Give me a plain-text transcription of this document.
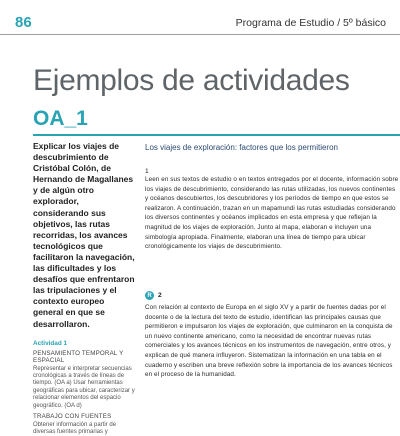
86	Programa de Estudio / 5º básico
Ejemplos de actividades
OA_1

Explicar los viajes de descubrimiento de Cristóbal Colón, de Hernando de Magallanes y de algún otro explorador, considerando sus objetivos, las rutas recorridas, los avances tecnológicos que facilitaron la navegación, las dificultades y los desafíos que enfrentaron las tripulaciones y el contexto europeo general en que se desarrollaron.

Actividad 1
PENSAMIENTO TEMPORAL Y ESPACIAL
Representar e interpretar secuencias cronológicas a través de líneas de tiempo. (OA a) Usar herramientas geográficas para ubicar, caracterizar y relacionar elementos del espacio geográfico. (OA d)
TRABAJO CON FUENTES
Obtener información a partir de diversas fuentes primarias y
Los viajes de exploración: factores que los permitieron
1

Leen en sus textos de estudio o en textos entregados por el docente, información sobre los viajes de descubrimiento, considerando las rutas utilizadas, los nuevos continentes y océanos descubiertos, los descubridores y los períodos de tiempo en que estos se realizaron. A continuación, trazan en un mapamundi las rutas estudiadas considerando los diversos continentes y océanos implicados en esta empresa y que reflejan la magnitud de los viajes de exploración. Junto al mapa, elaboran e incluyen una simbología apropiada. Finalmente, elaboran una línea de tiempo para ubicar cronológicamente los viajes de descubrimiento.

R 2

Con relación al contexto de Europa en el siglo XV y a partir de fuentes dadas por el docente o de la lectura del texto de estudio, identifican las principales causas que permitieron e impulsaron los viajes de exploración, que culminaron en la conquista de un nuevo continente americano, como la necesidad de encontrar nuevas rutas comerciales y los avances técnicos en los instrumentos de navegación, entre otros, y explican de qué manera influyeron. Sistematizan la información en una tabla en el cuaderno y escriben una breve reflexión sobre la importancia de los avances técnicos en el proceso de la humanidad.
